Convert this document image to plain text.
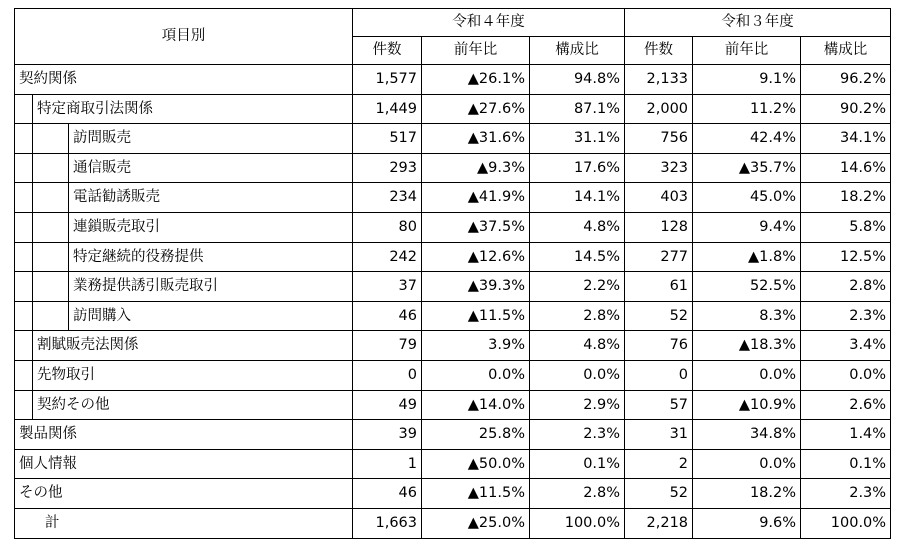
項目別			令和４年度			令和３年度		
			件数	前年比	構成比	件数	前年比	構成比
契約関係			1,577	▲26.1%	94.8%	2,133	9.1%	96.2%
	特定商取引法関係		1,449	▲27.6%	87.1%	2,000	11.2%	90.2%
		訪問販売	517	▲31.6%	31.1%	756	42.4%	34.1%
		通信販売	293	▲9.3%	17.6%	323	▲35.7%	14.6%
		電話勧誘販売	234	▲41.9%	14.1%	403	45.0%	18.2%
		連鎖販売取引	80	▲37.5%	4.8%	128	9.4%	5.8%
		特定継続的役務提供	242	▲12.6%	14.5%	277	▲1.8%	12.5%
		業務提供誘引販売取引	37	▲39.3%	2.2%	61	52.5%	2.8%
		訪問購入	46	▲11.5%	2.8%	52	8.3%	2.3%
	割賦販売法関係		79	3.9%	4.8%	76	▲18.3%	3.4%
	先物取引		0	0.0%	0.0%	0	0.0%	0.0%
	契約その他		49	▲14.0%	2.9%	57	▲10.9%	2.6%
製品関係			39	25.8%	2.3%	31	34.8%	1.4%
個人情報			1	▲50.0%	0.1%	2	0.0%	0.1%
その他			46	▲11.5%	2.8%	52	18.2%	2.3%
計			1,663	▲25.0%	100.0%	2,218	9.6%	100.0%
